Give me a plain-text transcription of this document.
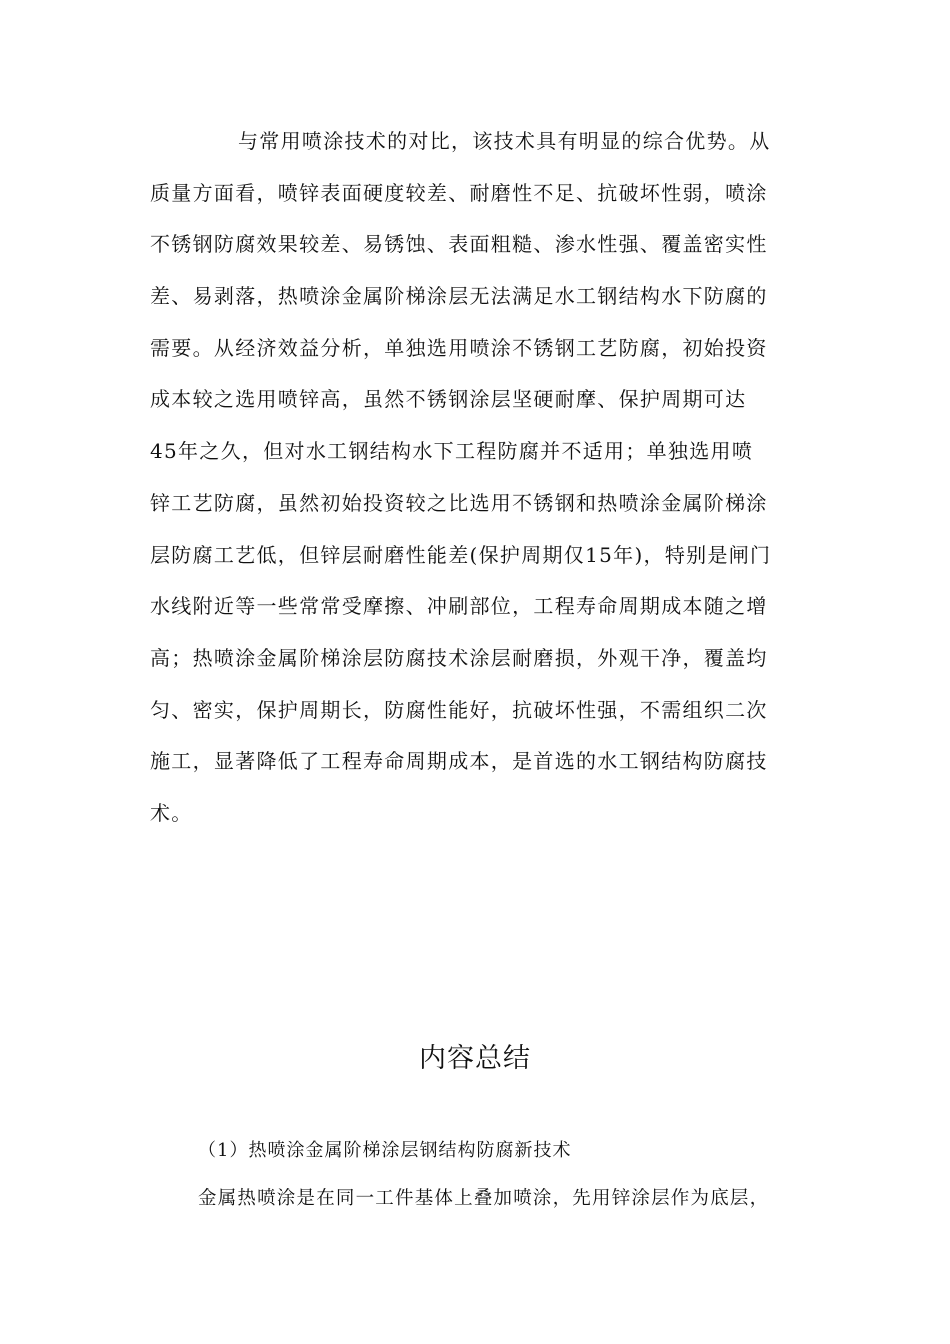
与常用喷涂技术的对比，该技术具有明显的综合优势。从
质量方面看，喷锌表面硬度较差、耐磨性不足、抗破坏性弱，喷涂
不锈钢防腐效果较差、易锈蚀、表面粗糙、渗水性强、覆盖密实性
差、易剥落，热喷涂金属阶梯涂层无法满足水工钢结构水下防腐的
需要。从经济效益分析，单独选用喷涂不锈钢工艺防腐，初始投资
成本较之选用喷锌高，虽然不锈钢涂层坚硬耐摩、保护周期可达
45年之久，但对水工钢结构水下工程防腐并不适用；单独选用喷
锌工艺防腐，虽然初始投资较之比选用不锈钢和热喷涂金属阶梯涂
层防腐工艺低，但锌层耐磨性能差(保护周期仅15年)，特别是闸门
水线附近等一些常常受摩擦、冲刷部位，工程寿命周期成本随之增
高；热喷涂金属阶梯涂层防腐技术涂层耐磨损，外观干净，覆盖均
匀、密实，保护周期长，防腐性能好，抗破坏性强，不需组织二次
施工，显著降低了工程寿命周期成本，是首选的水工钢结构防腐技
术。
内容总结

（1）热喷涂金属阶梯涂层钢结构防腐新技术

金属热喷涂是在同一工件基体上叠加喷涂，先用锌涂层作为底层，
